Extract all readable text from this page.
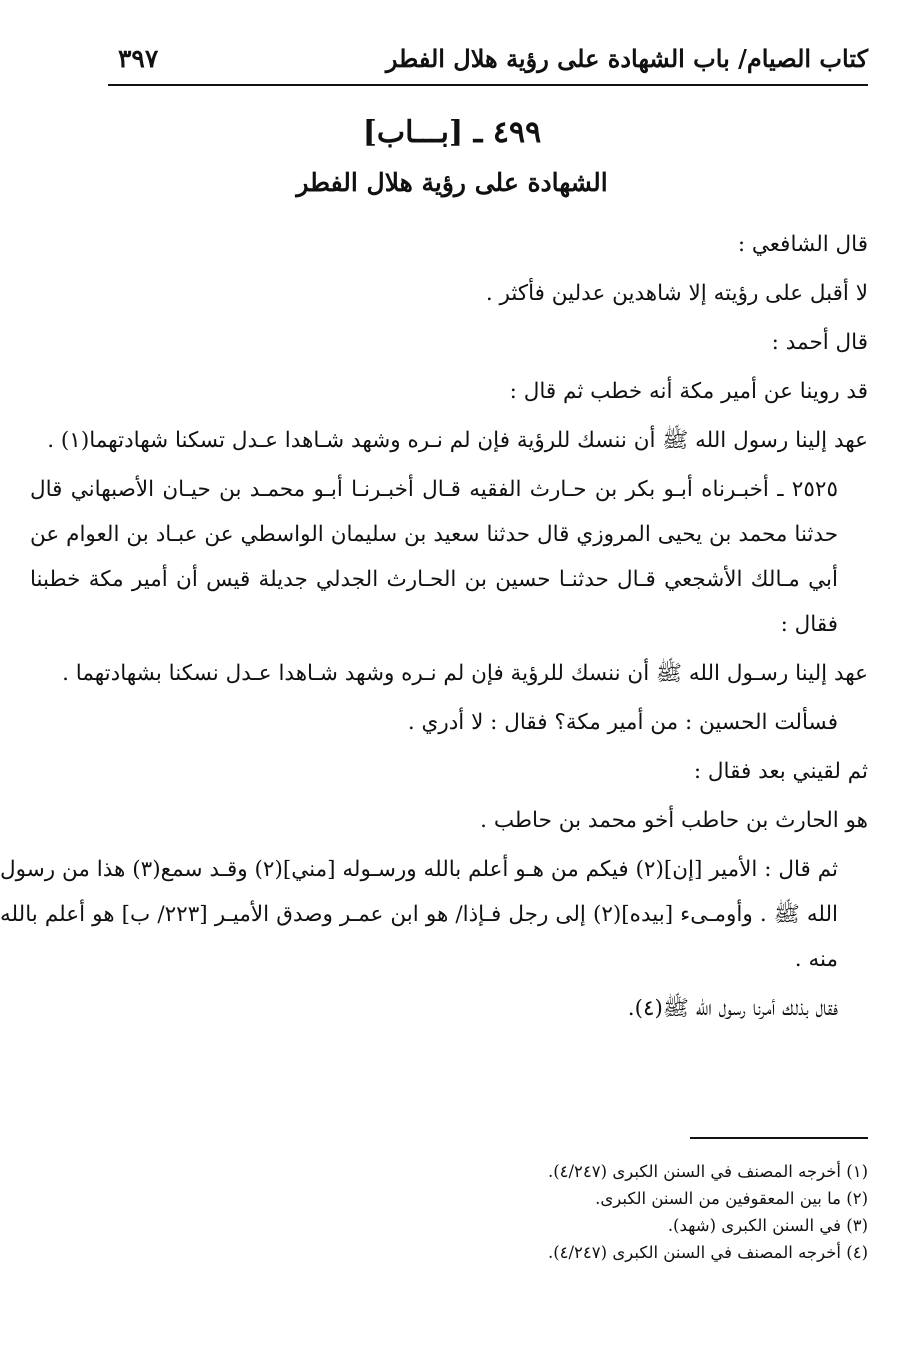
كتاب الصيام/ باب الشهادة على رؤية هلال الفطر
٣٩٧
٤٩٩ ـ [بـــاب]
الشهادة على رؤية هلال الفطر

قال الشافعي :

لا أقبل على رؤيته إلا شاهدين عدلين فأكثر .

قال أحمد :

قد روينا عن أمير مكة أنه خطب ثم قال :

عهد إلينا رسول الله ﷺ أن ننسك للرؤية فإن لم نـره وشهد شـاهدا عـدل تسكنا شهادتهما(١) .

٢٥٢٥ ـ أخبـرناه أبـو بكر بن حـارث الفقيه قـال أخبـرنـا أبـو محمـد بن حيـان الأصبهاني قال حدثنا محمد بن يحيى المروزي قال حدثنا سعيد بن سليمان الواسطي عن عبـاد بن العوام عن أبي مـالك الأشجعي قـال حدثنـا حسين بن الحـارث الجدلي جديلة قيس أن أمير مكة خطبنا فقال :

عهد إلينا رسـول الله ﷺ أن ننسك للرؤية فإن لم نـره وشهد شـاهدا عـدل نسكنا بشهادتهما .

فسألت الحسين : من أمير مكة؟ فقال : لا أدري .

ثم لقيني بعد فقال :

هو الحارث بن حاطب أخو محمد بن حاطب .

ثم قال : الأمير [إن](٢) فيكم من هـو أعلم بالله ورسـوله [مني](٢) وقـد سمع(٣) هذا من رسول الله ﷺ . وأومـىء [بيده](٢) إلى رجل فـإذا/ هو ابن عمـر وصدق الأميـر [٢٢٣/ ب] هو أعلم بالله منه .

فقال بذلك أمرنا رسول الله ﷺ(٤).

(١) أخرجه المصنف في السنن الكبرى (٤/٢٤٧).

(٢) ما بين المعقوفين من السنن الكبرى.

(٣) في السنن الكبرى (شهد).

(٤) أخرجه المصنف في السنن الكبرى (٤/٢٤٧).
